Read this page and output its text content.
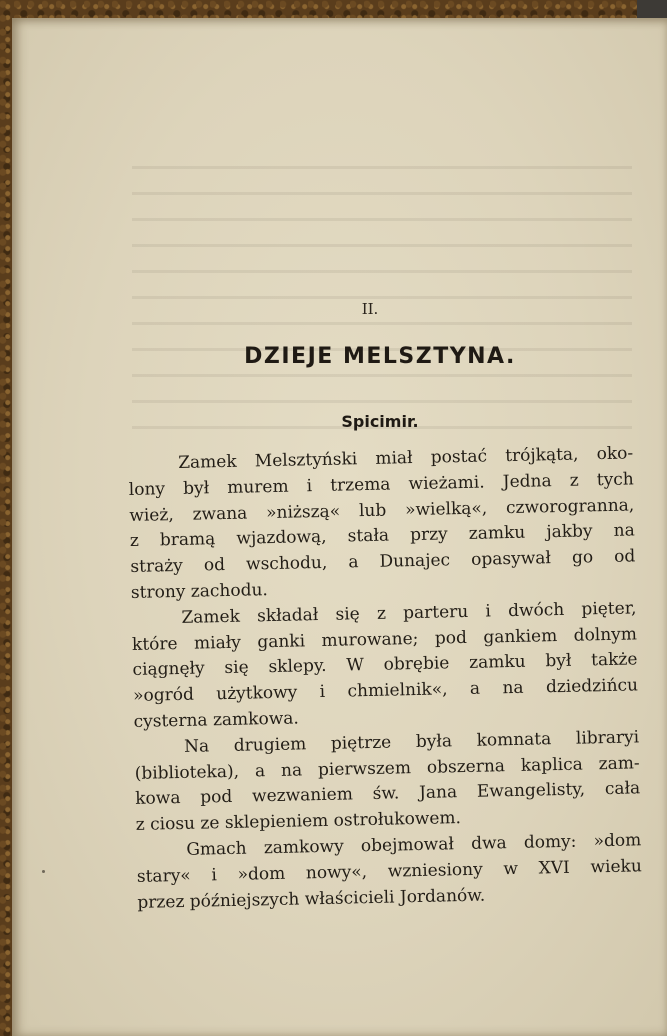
II.
DZIEJE MELSZTYNA.
Spicimir.
Zamek Melsztyński miał postać trójkąta, oko-
lony był murem i trzema wieżami. Jedna z tych
wież, zwana »niższą« lub »wielką«, czworogranna,
z bramą wjazdową, stała przy zamku jakby na
straży od wschodu, a Dunajec opasywał go od
strony zachodu.
Zamek składał się z parteru i dwóch pięter,
które miały ganki murowane; pod gankiem dolnym
ciągnęły się sklepy. W obrębie zamku był także
»ogród użytkowy i chmielnik«, a na dziedzińcu
cysterna zamkowa.
Na drugiem piętrze była komnata libraryi
(biblioteka), a na pierwszem obszerna kaplica zam-
kowa pod wezwaniem św. Jana Ewangelisty, cała
z ciosu ze sklepieniem ostrołukowem.
Gmach zamkowy obejmował dwa domy: »dom
stary« i »dom nowy«, wzniesiony w XVI wieku
przez późniejszych właścicieli Jordanów.
